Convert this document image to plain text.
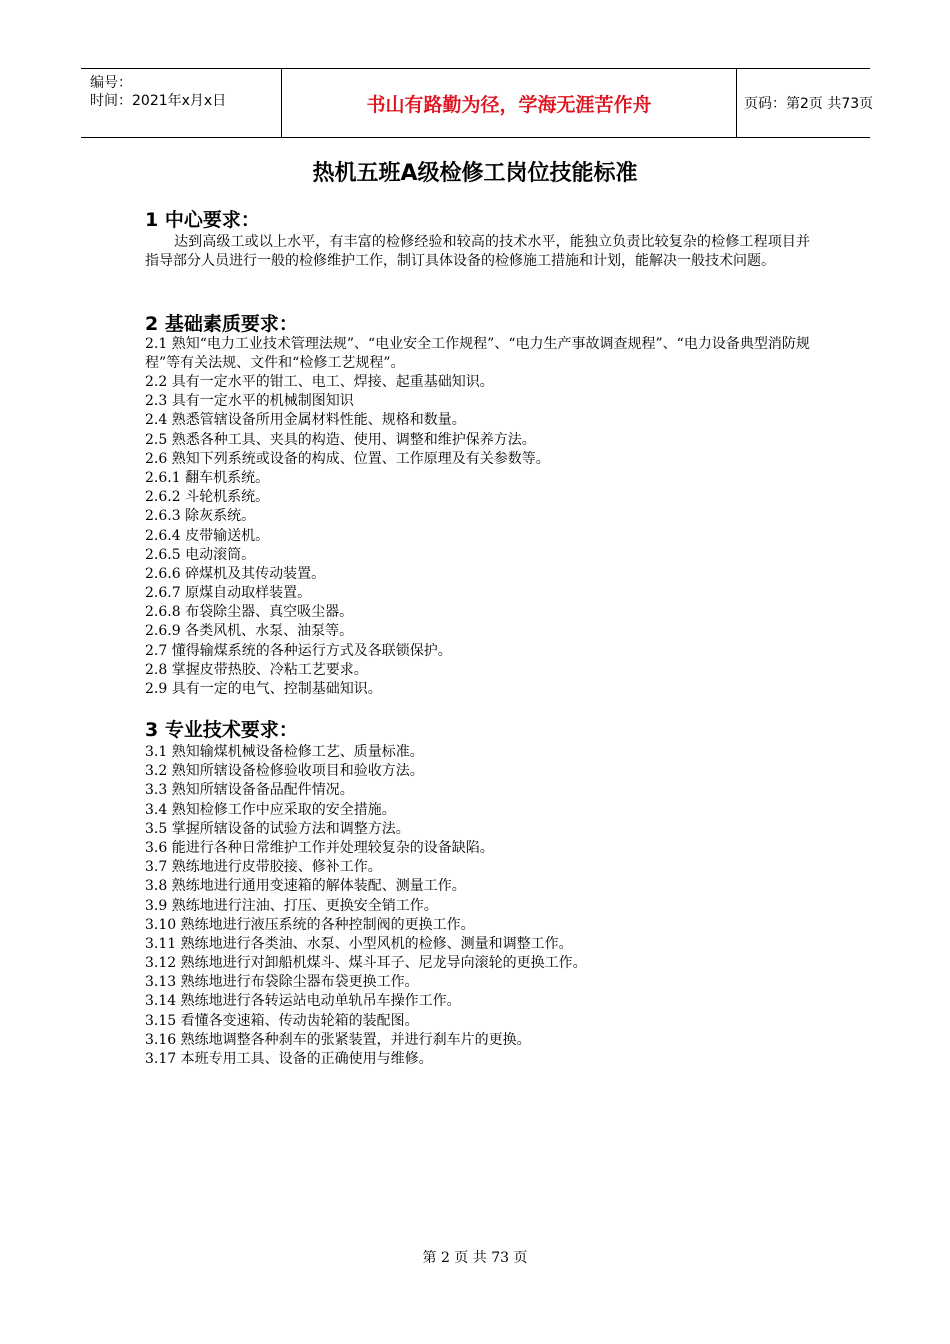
编号：
时间：2021年x月x日	书山有路勤为径，学海无涯苦作舟	页码：第2页 共73页
热机五班A级检修工岗位技能标准
1 中心要求：
达到高级工或以上水平，有丰富的检修经验和较高的技术水平，能独立负责比较复杂的检修工程项目并指导部分人员进行一般的检修维护工作，制订具体设备的检修施工措施和计划，能解决一般技术问题。
2 基础素质要求：
2.1 熟知“电力工业技术管理法规”、“电业安全工作规程”、“电力生产事故调查规程”、“电力设备典型消防规程”等有关法规、文件和“检修工艺规程”。
2.2 具有一定水平的钳工、电工、焊接、起重基础知识。
2.3 具有一定水平的机械制图知识
2.4 熟悉管辖设备所用金属材料性能、规格和数量。
2.5 熟悉各种工具、夹具的构造、使用、调整和维护保养方法。
2.6 熟知下列系统或设备的构成、位置、工作原理及有关参数等。
2.6.1 翻车机系统。
2.6.2 斗轮机系统。
2.6.3 除灰系统。
2.6.4 皮带输送机。
2.6.5 电动滚筒。
2.6.6 碎煤机及其传动装置。
2.6.7 原煤自动取样装置。
2.6.8 布袋除尘器、真空吸尘器。
2.6.9 各类风机、水泵、油泵等。
2.7 懂得输煤系统的各种运行方式及各联锁保护。
2.8 掌握皮带热胶、冷粘工艺要求。
2.9 具有一定的电气、控制基础知识。
3 专业技术要求：
3.1 熟知输煤机械设备检修工艺、质量标准。
3.2 熟知所辖设备检修验收项目和验收方法。
3.3 熟知所辖设备备品配件情况。
3.4 熟知检修工作中应采取的安全措施。
3.5 掌握所辖设备的试验方法和调整方法。
3.6 能进行各种日常维护工作并处理较复杂的设备缺陷。
3.7 熟练地进行皮带胶接、修补工作。
3.8 熟练地进行通用变速箱的解体装配、测量工作。
3.9 熟练地进行注油、打压、更换安全销工作。
3.10 熟练地进行液压系统的各种控制阀的更换工作。
3.11 熟练地进行各类油、水泵、小型风机的检修、测量和调整工作。
3.12 熟练地进行对卸船机煤斗、煤斗耳子、尼龙导向滚轮的更换工作。
3.13 熟练地进行布袋除尘器布袋更换工作。
3.14 熟练地进行各转运站电动单轨吊车操作工作。
3.15 看懂各变速箱、传动齿轮箱的装配图。
3.16 熟练地调整各种刹车的张紧装置，并进行刹车片的更换。
3.17 本班专用工具、设备的正确使用与维修。
第 2 页 共 73 页
